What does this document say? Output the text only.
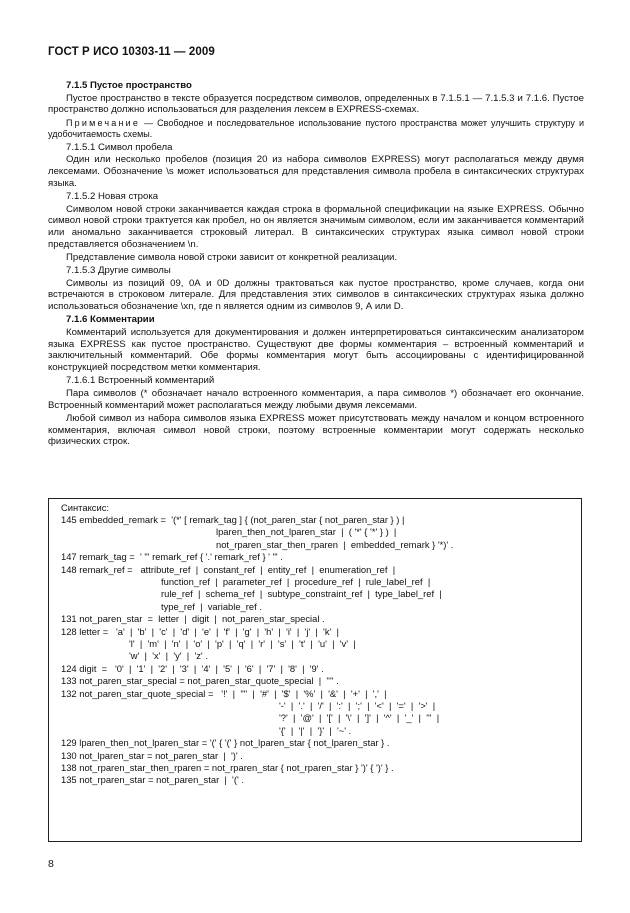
ГОСТ Р ИСО 10303-11 — 2009
7.1.5 Пустое пространство

Пустое пространство в тексте образуется посредством символов, определенных в 7.1.5.1 — 7.1.5.3 и 7.1.6. Пустое пространство должно использоваться для разделения лексем в EXPRESS-схемах.

Примечание — Свободное и последовательное использование пустого пространства может улучшить структуру и удобочитаемость схемы.

7.1.5.1 Символ пробела

Один или несколько пробелов (позиция 20 из набора символов EXPRESS) могут располагаться между двумя лексемами. Обозначение \s может использоваться для представления символа пробела в синтаксических структурах языка.

7.1.5.2 Новая строка

Символом новой строки заканчивается каждая строка в формальной спецификации на языке EXPRESS. Обычно символ новой строки трактуется как пробел, но он является значимым символом, если им заканчивается комментарий или аномально заканчивается строковый литерал. В синтаксических структурах языка символ новой строки представляется обозначением \n.

Представление символа новой строки зависит от конкретной реализации.

7.1.5.3 Другие символы

Символы из позиций 09, 0А и 0D должны трактоваться как пустое пространство, кроме случаев, когда они встречаются в строковом литерале. Для представления этих символов в синтаксических структурах языка должно использоваться обозначение \xn, где n является одним из символов 9, А или D.

7.1.6 Комментарии

Комментарий используется для документирования и должен интерпретироваться синтаксическим анализатором языка EXPRESS как пустое пространство. Существуют две формы комментария – встроенный комментарий и заключительный комментарий. Обе формы комментария могут быть ассоциированы с идентифицированной конструкцией посредством метки комментария.

7.1.6.1 Встроенный комментарий

Пара символов (* обозначает начало встроенного комментария, а пара символов *) обозначает его окончание. Встроенный комментарий может располагаться между любыми двумя лексемами.

Любой символ из набора символов языка EXPRESS может присутствовать между началом и концом встроенного комментария, включая символ новой строки, поэтому встроенные комментарии могут содержать несколько физических строк.

Синтаксис:
145 embedded_remark =  '(*' [ remark_tag ] { (not_paren_star { not_paren_star } ) |
lparen_then_not_lparen_star  |  ( '*' { '*' } )  |
not_rparen_star_then_rparen  |  embedded_remark } '*)' .
147 remark_tag =  ' "' remark_ref { '.' remark_ref } ' "' .
148 remark_ref =   attribute_ref  |  constant_ref  |  entity_ref  |  enumeration_ref  |
function_ref  |  parameter_ref  |  procedure_ref  |  rule_label_ref  |
rule_ref  |  schema_ref  |  subtype_constraint_ref  |  type_label_ref  |
type_ref  |  variable_ref .
131 not_paren_star  =  letter  |  digit  |  not_paren_star_special .
128 letter =   'a'  |  'b'  |  'c'  |  'd'  |  'e'  |  'f'  |  'g'  |  'h'  |  'i'  |  'j'  |  'k'  |
'l'  |  'm'  |  'n'  |  'o'  |  'p'  |  'q'  |  'r'  |  's'  |  't'  |  'u'  |  'v'  |
'w'  |  'x'  |  'y'  |  'z' .
124 digit  =   '0'  |  '1'  |  '2'  |  '3'  |  '4'  |  '5'  |  '6'  |  '7'  |  '8'  |  '9' .
133 not_paren_star_special = not_paren_star_quote_special  |  '''' .
132 not_paren_star_quote_special =   '!'  |  '"'  |  '#'  |  '$'  |  '%'  |  '&'  |  '+'  |  ','  |
'-'  |  '.'  |  '/'  |  ':'  |  ';'  |  '<'  |  '='  |  '>'  |
'?'  |  '@'  |  '['  |  '\'  |  ']'  |  '^'  |  '_'  |  '''  |
'{'  |  '|'  |  '}'  |  '~' .
129 lparen_then_not_lparen_star = '(' { '(' } not_lparen_star { not_lparen_star } .
130 not_lparen_star = not_paren_star  |  ')' .
138 not_rparen_star_then_rparen = not_rparen_star { not_rparen_star } ')' { ')' } .
135 not_rparen_star = not_paren_star  |  '(' .
8
